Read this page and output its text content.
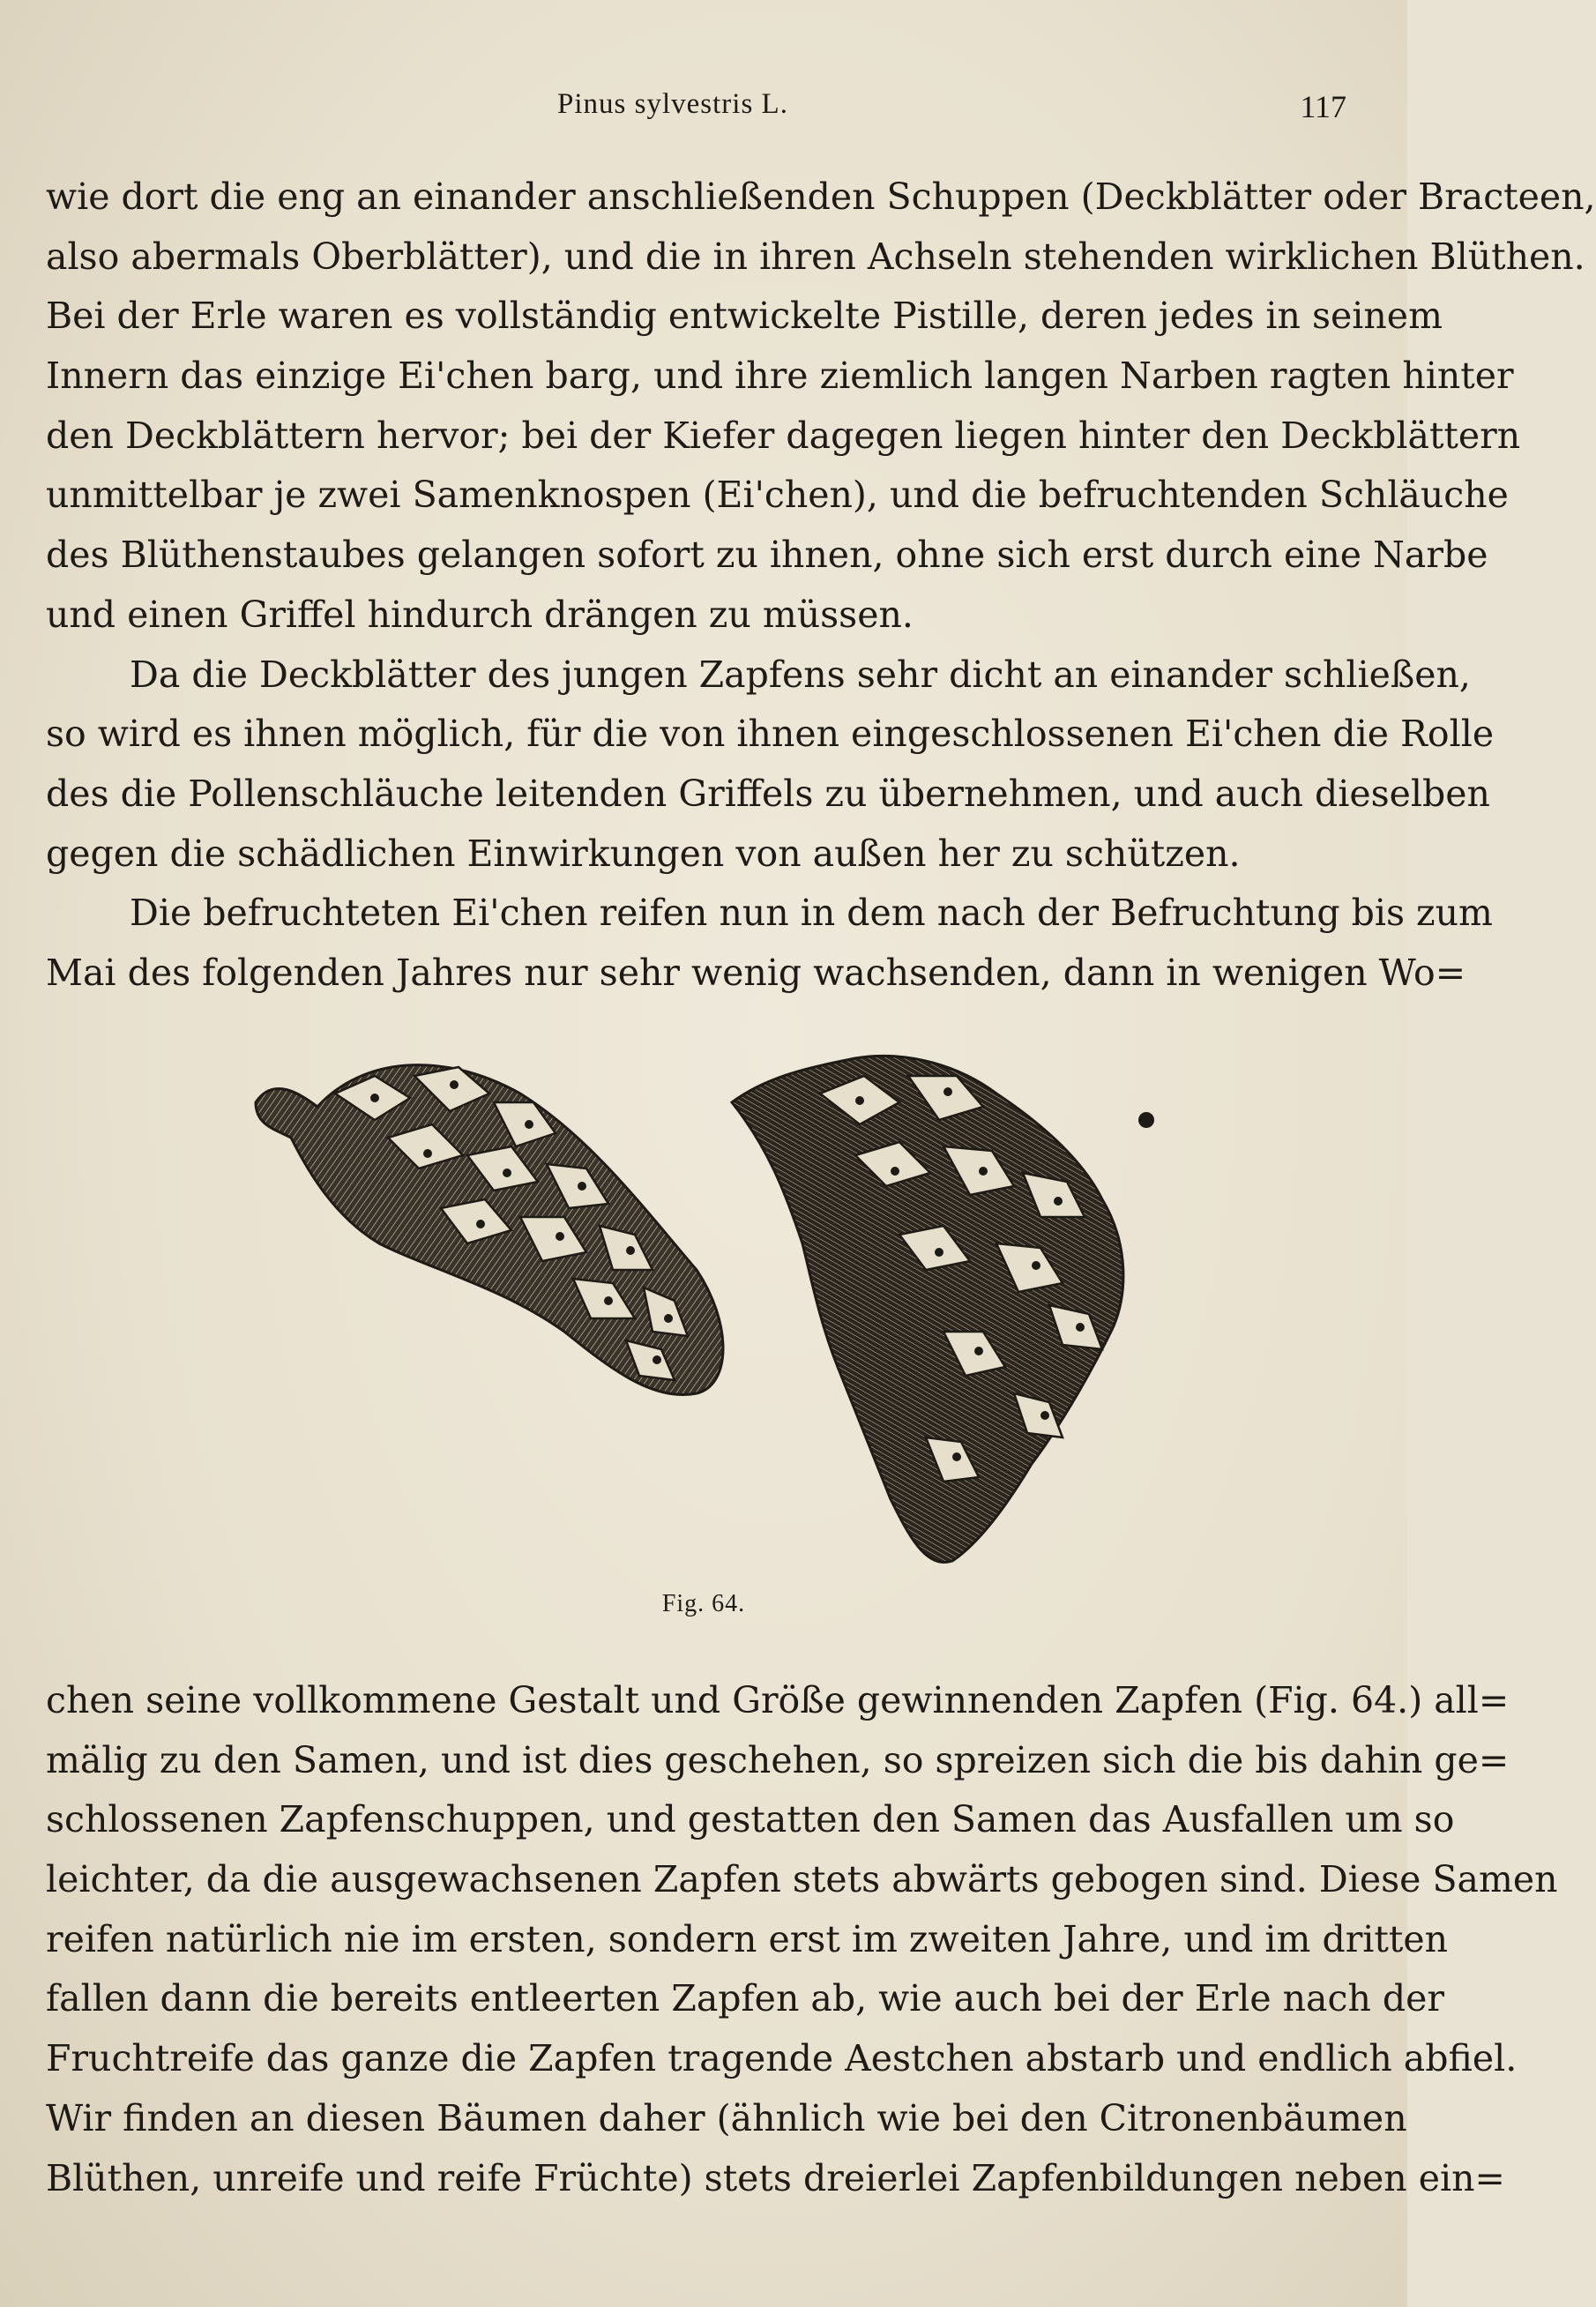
Pinus sylvestris L.	117
wie dort die eng an einander anschließenden Schuppen (Deckblätter oder Bracteen,
also abermals Oberblätter), und die in ihren Achseln stehenden wirklichen Blüthen.
Bei der Erle waren es vollständig entwickelte Pistille, deren jedes in seinem
Innern das einzige Ei'chen barg, und ihre ziemlich langen Narben ragten hinter
den Deckblättern hervor; bei der Kiefer dagegen liegen hinter den Deckblättern
unmittelbar je zwei Samenknospen (Ei'chen), und die befruchtenden Schläuche
des Blüthenstaubes gelangen sofort zu ihnen, ohne sich erst durch eine Narbe
und einen Griffel hindurch drängen zu müssen.
Da die Deckblätter des jungen Zapfens sehr dicht an einander schließen,
so wird es ihnen möglich, für die von ihnen eingeschlossenen Ei'chen die Rolle
des die Pollenschläuche leitenden Griffels zu übernehmen, und auch dieselben
gegen die schädlichen Einwirkungen von außen her zu schützen.
Die befruchteten Ei'chen reifen nun in dem nach der Befruchtung bis zum
Mai des folgenden Jahres nur sehr wenig wachsenden, dann in wenigen Wo=
Fig. 64.
chen seine vollkommene Gestalt und Größe gewinnenden Zapfen (Fig. 64.) all=
mälig zu den Samen, und ist dies geschehen, so spreizen sich die bis dahin ge=
schlossenen Zapfenschuppen, und gestatten den Samen das Ausfallen um so
leichter, da die ausgewachsenen Zapfen stets abwärts gebogen sind. Diese Samen
reifen natürlich nie im ersten, sondern erst im zweiten Jahre, und im dritten
fallen dann die bereits entleerten Zapfen ab, wie auch bei der Erle nach der
Fruchtreife das ganze die Zapfen tragende Aestchen abstarb und endlich abfiel.
Wir finden an diesen Bäumen daher (ähnlich wie bei den Citronenbäumen
Blüthen, unreife und reife Früchte) stets dreierlei Zapfenbildungen neben ein=
